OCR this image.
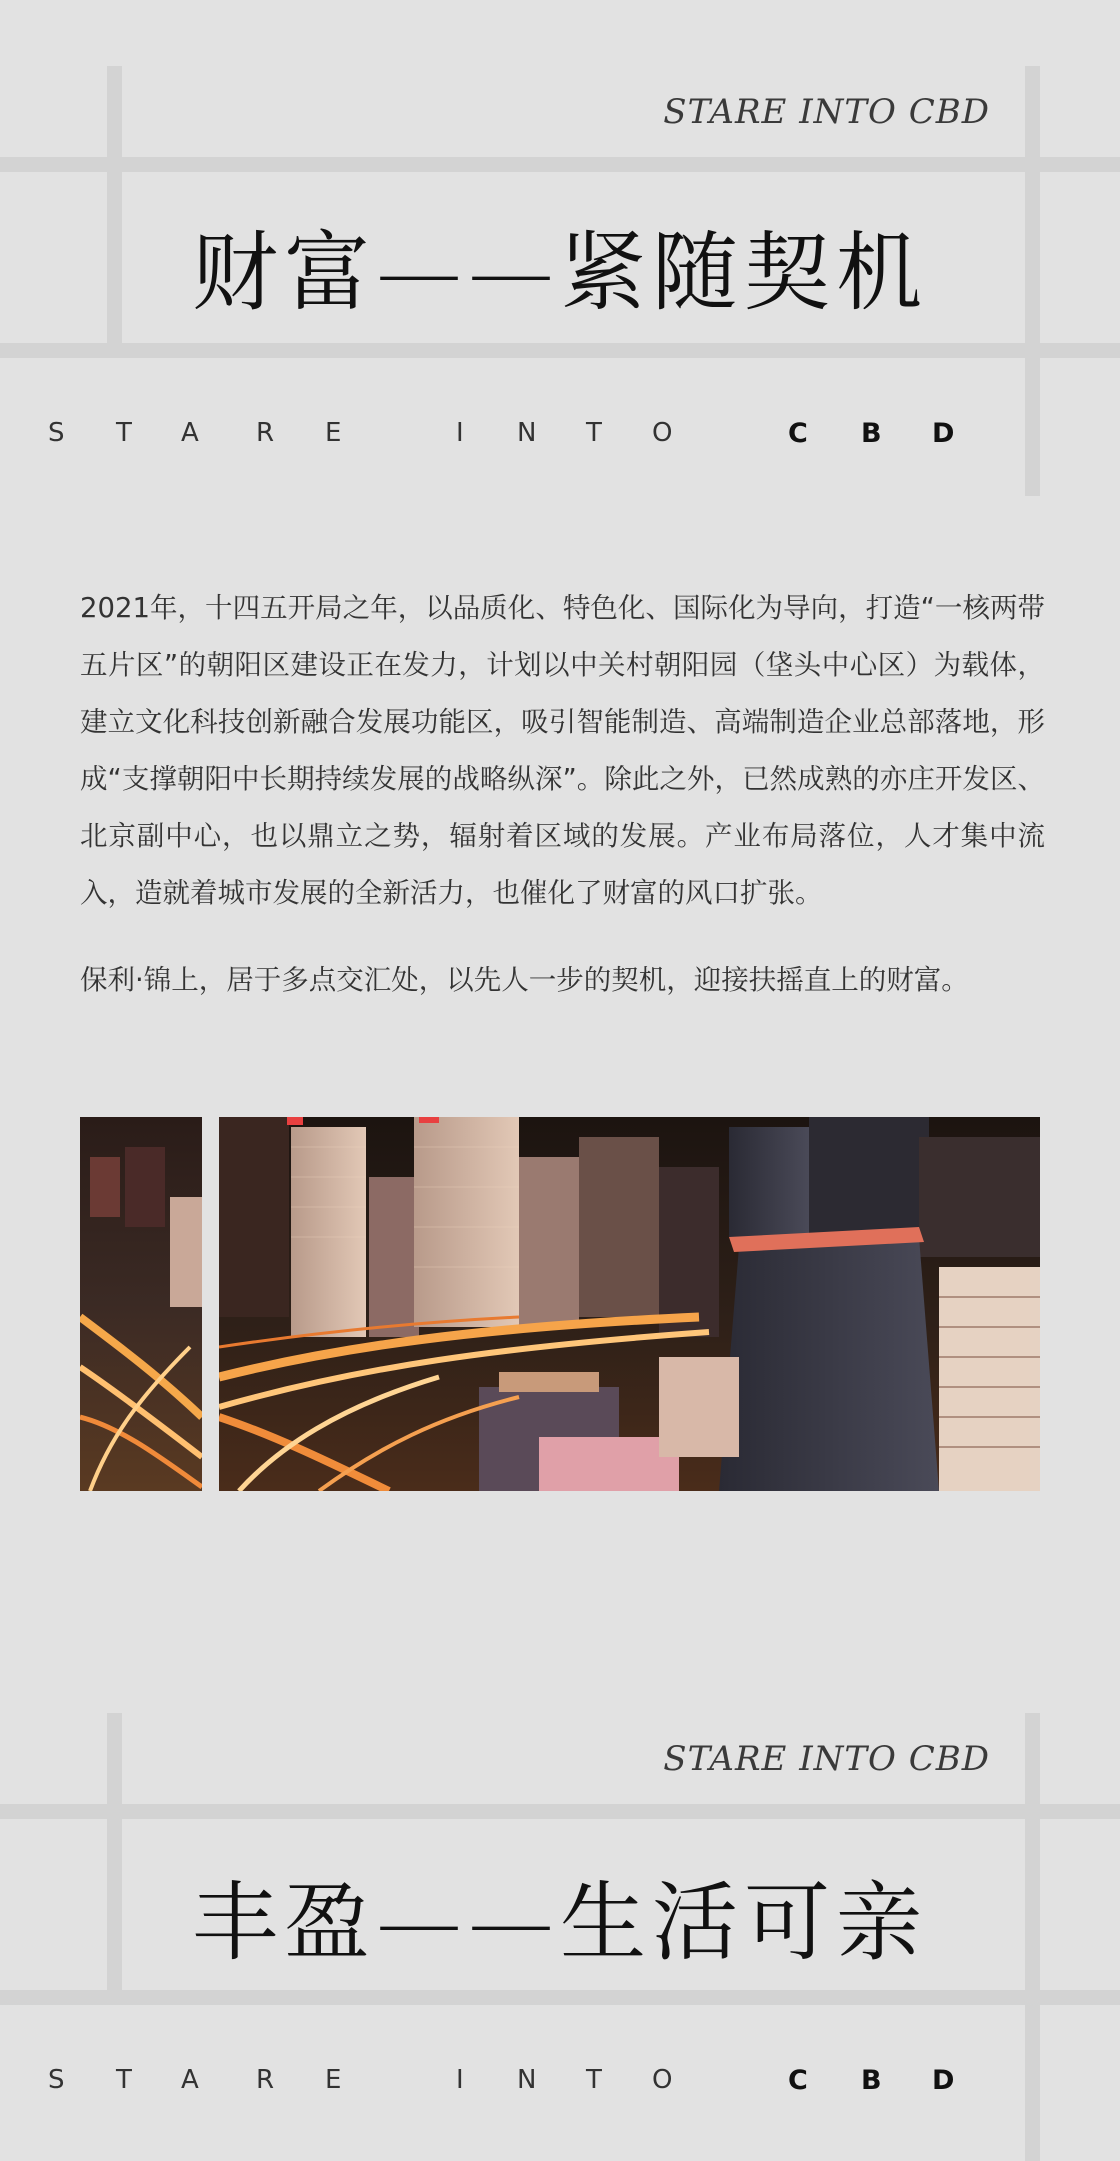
STARE INTO CBD
财富——紧随契机
S T A R E	I N T O	C B D
2021年，十四五开局之年，以品质化、特色化、国际化为导向，打造“一核两带五片区”的朝阳区建设正在发力，计划以中关村朝阳园（垡头中心区）为载体，建立文化科技创新融合发展功能区，吸引智能制造、高端制造企业总部落地，形成“支撑朝阳中长期持续发展的战略纵深”。除此之外，已然成熟的亦庄开发区、北京副中心，也以鼎立之势，辐射着区域的发展。产业布局落位，人才集中流入，造就着城市发展的全新活力，也催化了财富的风口扩张。
保利·锦上，居于多点交汇处，以先人一步的契机，迎接扶摇直上的财富。
STARE INTO CBD
丰盈——生活可亲
S T A R E	I N T O	C B D
